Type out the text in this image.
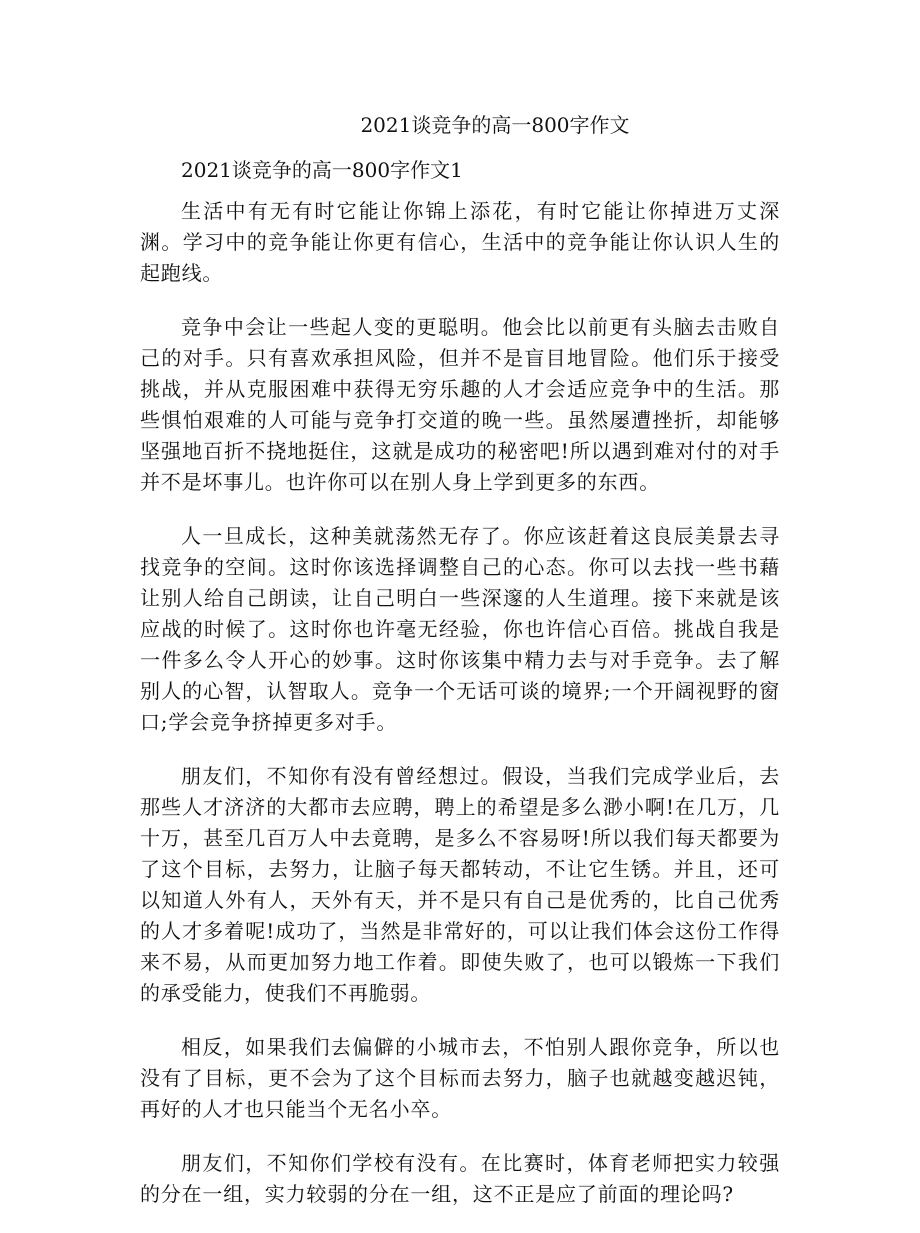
2021谈竞争的高一800字作文

2021谈竞争的高一800字作文1

生活中有无有时它能让你锦上添花，有时它能让你掉进万丈深渊。学习中的竞争能让你更有信心，生活中的竞争能让你认识人生的起跑线。

竞争中会让一些起人变的更聪明。他会比以前更有头脑去击败自己的对手。只有喜欢承担风险，但并不是盲目地冒险。他们乐于接受挑战，并从克服困难中获得无穷乐趣的人才会适应竞争中的生活。那些惧怕艰难的人可能与竞争打交道的晚一些。虽然屡遭挫折，却能够坚强地百折不挠地挺住，这就是成功的秘密吧!所以遇到难对付的对手并不是坏事儿。也许你可以在别人身上学到更多的东西。

人一旦成长，这种美就荡然无存了。你应该赶着这良辰美景去寻找竞争的空间。这时你该选择调整自己的心态。你可以去找一些书藉让别人给自己朗读，让自己明白一些深邃的人生道理。接下来就是该应战的时候了。这时你也许毫无经验，你也许信心百倍。挑战自我是一件多么令人开心的妙事。这时你该集中精力去与对手竞争。去了解别人的心智，认智取人。竞争一个无话可谈的境界;一个开阔视野的窗口;学会竞争挤掉更多对手。

朋友们，不知你有没有曾经想过。假设，当我们完成学业后，去那些人才济济的大都市去应聘，聘上的希望是多么渺小啊!在几万，几十万，甚至几百万人中去竟聘，是多么不容易呀!所以我们每天都要为了这个目标，去努力，让脑子每天都转动，不让它生锈。并且，还可以知道人外有人，天外有天，并不是只有自己是优秀的，比自己优秀的人才多着呢!成功了，当然是非常好的，可以让我们体会这份工作得来不易，从而更加努力地工作着。即使失败了，也可以锻炼一下我们的承受能力，使我们不再脆弱。

相反，如果我们去偏僻的小城市去，不怕别人跟你竞争，所以也没有了目标，更不会为了这个目标而去努力，脑子也就越变越迟钝，再好的人才也只能当个无名小卒。

朋友们，不知你们学校有没有。在比赛时，体育老师把实力较强的分在一组，实力较弱的分在一组，这不正是应了前面的理论吗?
